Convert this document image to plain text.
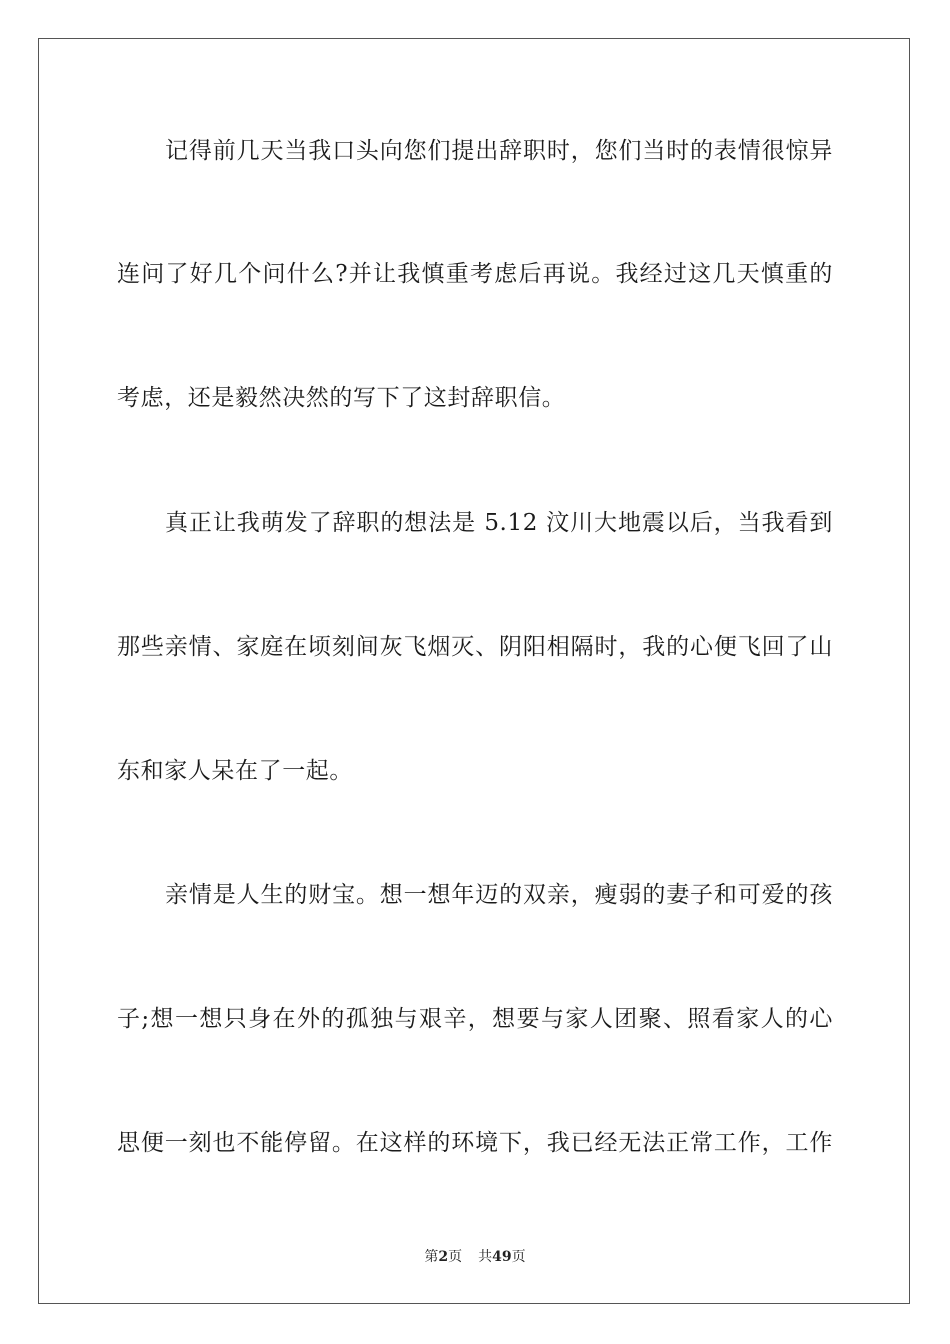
记得前几天当我口头向您们提出辞职时，您们当时的表情很惊异
连问了好几个问什么?并让我慎重考虑后再说。我经过这几天慎重的
考虑，还是毅然决然的写下了这封辞职信。
真正让我萌发了辞职的想法是 5.12 汶川大地震以后，当我看到
那些亲情、家庭在顷刻间灰飞烟灭、阴阳相隔时，我的心便飞回了山
东和家人呆在了一起。
亲情是人生的财宝。想一想年迈的双亲，瘦弱的妻子和可爱的孩
子;想一想只身在外的孤独与艰辛，想要与家人团聚、照看家人的心
思便一刻也不能停留。在这样的环境下，我已经无法正常工作，工作
第2页 共49页
